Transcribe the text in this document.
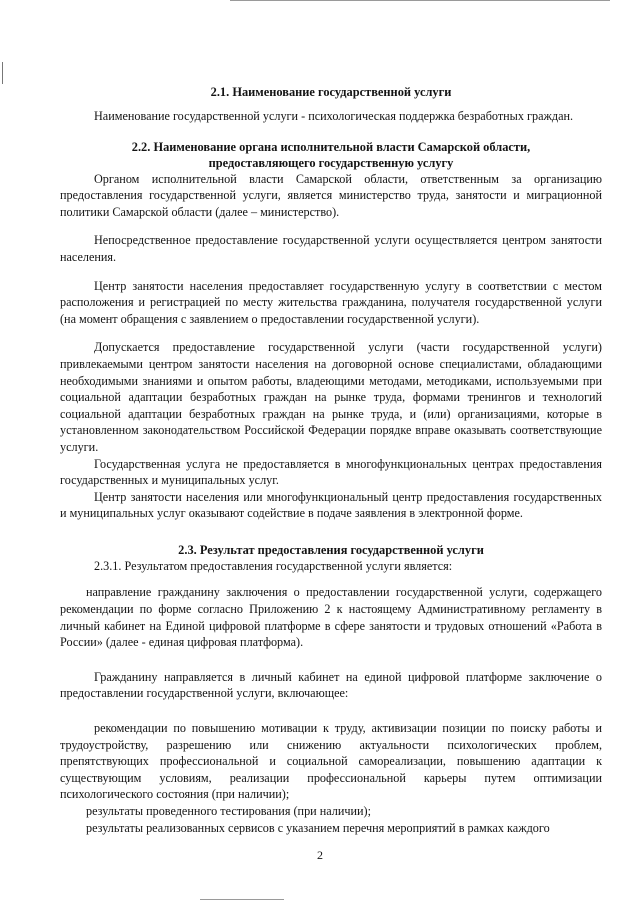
2.1. Наименование государственной услуги

Наименование государственной услуги - психологическая поддержка безработных граждан.

2.2. Наименование органа исполнительной власти Самарской области,
предоставляющего государственную услугу

Органом исполнительной власти Самарской области, ответственным за организацию предоставления государственной услуги, является министерство труда, занятости и миграционной политики Самарской области (далее – министерство).

Непосредственное предоставление государственной услуги осуществляется центром занятости населения.

Центр занятости населения предоставляет государственную услугу в соответствии с местом расположения и регистрацией по месту жительства гражданина, получателя государственной услуги (на момент обращения с заявлением о предоставлении государственной услуги).

Допускается предоставление государственной услуги (части государственной услуги) привлекаемыми центром занятости населения на договорной основе специалистами, обладающими необходимыми знаниями и опытом работы, владеющими методами, методиками, используемыми при социальной адаптации безработных граждан на рынке труда, формами тренингов и технологий социальной адаптации безработных граждан на рынке труда, и (или) организациями, которые в установленном законодательством Российской Федерации порядке вправе оказывать соответствующие услуги.

Государственная услуга не предоставляется в многофункциональных центрах предоставления государственных и муниципальных услуг.

Центр занятости населения или многофункциональный центр предоставления государственных и муниципальных услуг оказывают содействие в подаче заявления в электронной форме.

2.3. Результат предоставления государственной услуги

2.3.1. Результатом предоставления государственной услуги является:

направление гражданину заключения о предоставлении государственной услуги, содержащего рекомендации по форме согласно Приложению 2 к настоящему Административному регламенту в личный кабинет на Единой цифровой платформе в сфере занятости и трудовых отношений «Работа в России» (далее - единая цифровая платформа).

Гражданину направляется в личный кабинет на единой цифровой платформе заключение о предоставлении государственной услуги, включающее:

рекомендации по повышению мотивации к труду, активизации позиции по поиску работы и трудоустройству, разрешению или снижению актуальности психологических проблем, препятствующих профессиональной и социальной самореализации, повышению адаптации к существующим условиям, реализации профессиональной карьеры путем оптимизации психологического состояния (при наличии);

результаты проведенного тестирования (при наличии);

результаты реализованных сервисов с указанием перечня мероприятий в рамках каждого

2
